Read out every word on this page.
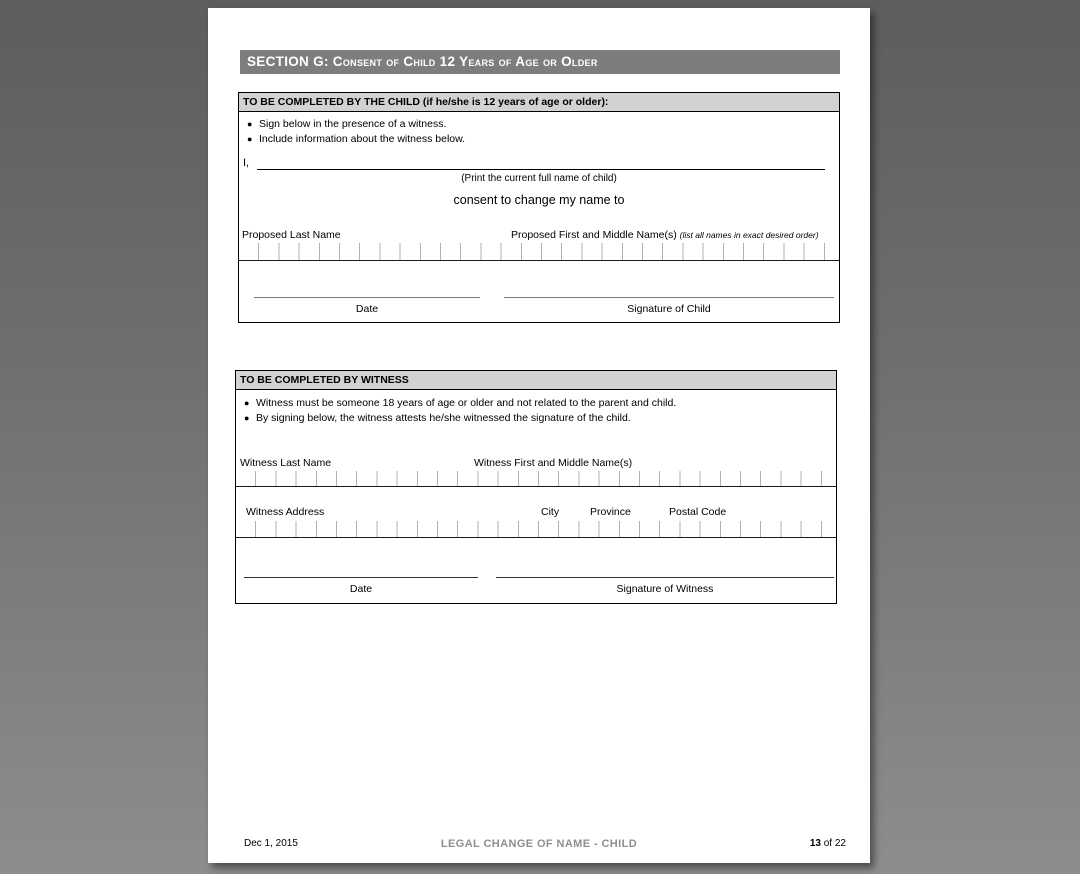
SECTION G: Consent of Child 12 Years of Age or Older
TO BE COMPLETED BY THE CHILD (if he/she is 12 years of age or older):
● Sign below in the presence of a witness.
● Include information about the witness below.
I,
(Print the current full name of child)
consent to change my name to
Proposed Last Name	Proposed First and Middle Name(s) (list all names in exact desired order)
Date	Signature of Child
TO BE COMPLETED BY WITNESS
● Witness must be someone 18 years of age or older and not related to the parent and child.
● By signing below, the witness attests he/she witnessed the signature of the child.
Witness Last Name	Witness First and Middle Name(s)
Witness Address	City	Province	Postal Code
Date	Signature of Witness
Dec 1, 2015	LEGAL CHANGE OF NAME - CHILD	13 of 22
